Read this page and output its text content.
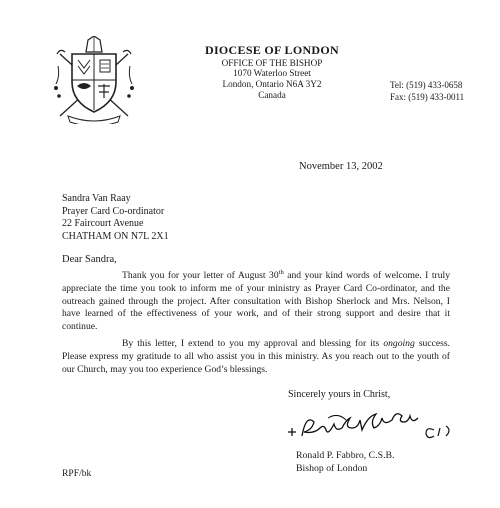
DIOCESE OF LONDON
OFFICE OF THE BISHOP
1070 Waterloo Street
London, Ontario N6A 3Y2
Canada
Tel: (519) 433-0658
Fax: (519) 433-0011
November 13, 2002
Sandra Van Raay
Prayer Card Co-ordinator
22 Faircourt Avenue
CHATHAM ON N7L 2X1
Dear Sandra,
Thank you for your letter of August 30th and your kind words of welcome. I truly appreciate the time you took to inform me of your ministry as Prayer Card Co-ordinator, and the outreach gained through the project. After consultation with Bishop Sherlock and Mrs. Nelson, I have learned of the effectiveness of your work, and of their strong support and desire that it continue.
By this letter, I extend to you my approval and blessing for its ongoing success. Please express my gratitude to all who assist you in this ministry. As you reach out to the youth of our Church, may you too experience God’s blessings.
Sincerely yours in Christ,
Ronald P. Fabbro, C.S.B.
Bishop of London
RPF/bk
